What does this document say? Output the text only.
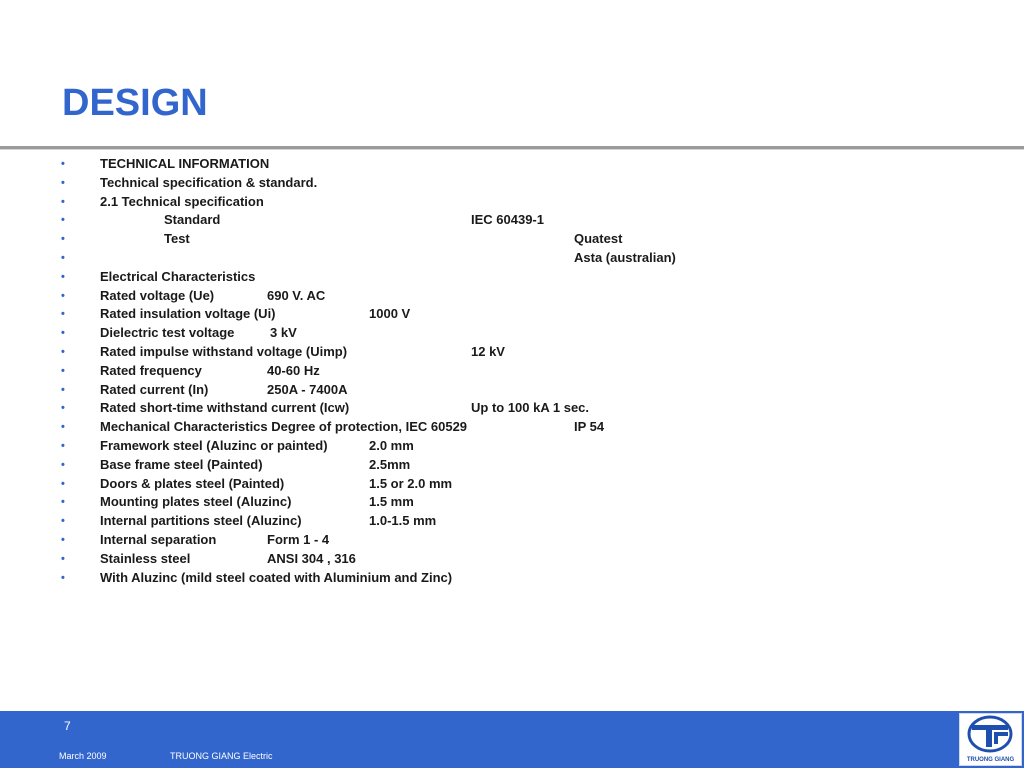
DESIGN
•	TECHNICAL INFORMATION
•	Technical specification & standard.
•	2.1 Technical specification
•	Standard	IEC 60439-1
•	Test	Quatest
•	Asta (australian)
•	Electrical Characteristics
•	Rated voltage (Ue)	690 V. AC
•	Rated insulation voltage (Ui)	1000 V
•	Dielectric test voltage	3 kV
•	Rated impulse withstand voltage (Uimp)	12 kV
•	Rated frequency	40-60 Hz
•	Rated current (In)	250A - 7400A
•	Rated short-time withstand current (Icw)	Up to 100 kA 1 sec.
•	Mechanical Characteristics Degree of protection, IEC 60529	IP 54
•	Framework steel (Aluzinc or painted)	2.0 mm
•	Base frame steel (Painted)	2.5mm
•	Doors & plates steel (Painted)	1.5 or 2.0 mm
•	Mounting plates steel (Aluzinc)	1.5 mm
•	Internal partitions steel (Aluzinc)	1.0-1.5 mm
•	Internal separation	Form 1 - 4
•	Stainless steel	ANSI 304 , 316
•	With Aluzinc (mild steel coated with Aluminium and Zinc)
7
March 2009	TRUONG GIANG Electric	TRUONG GIANG
